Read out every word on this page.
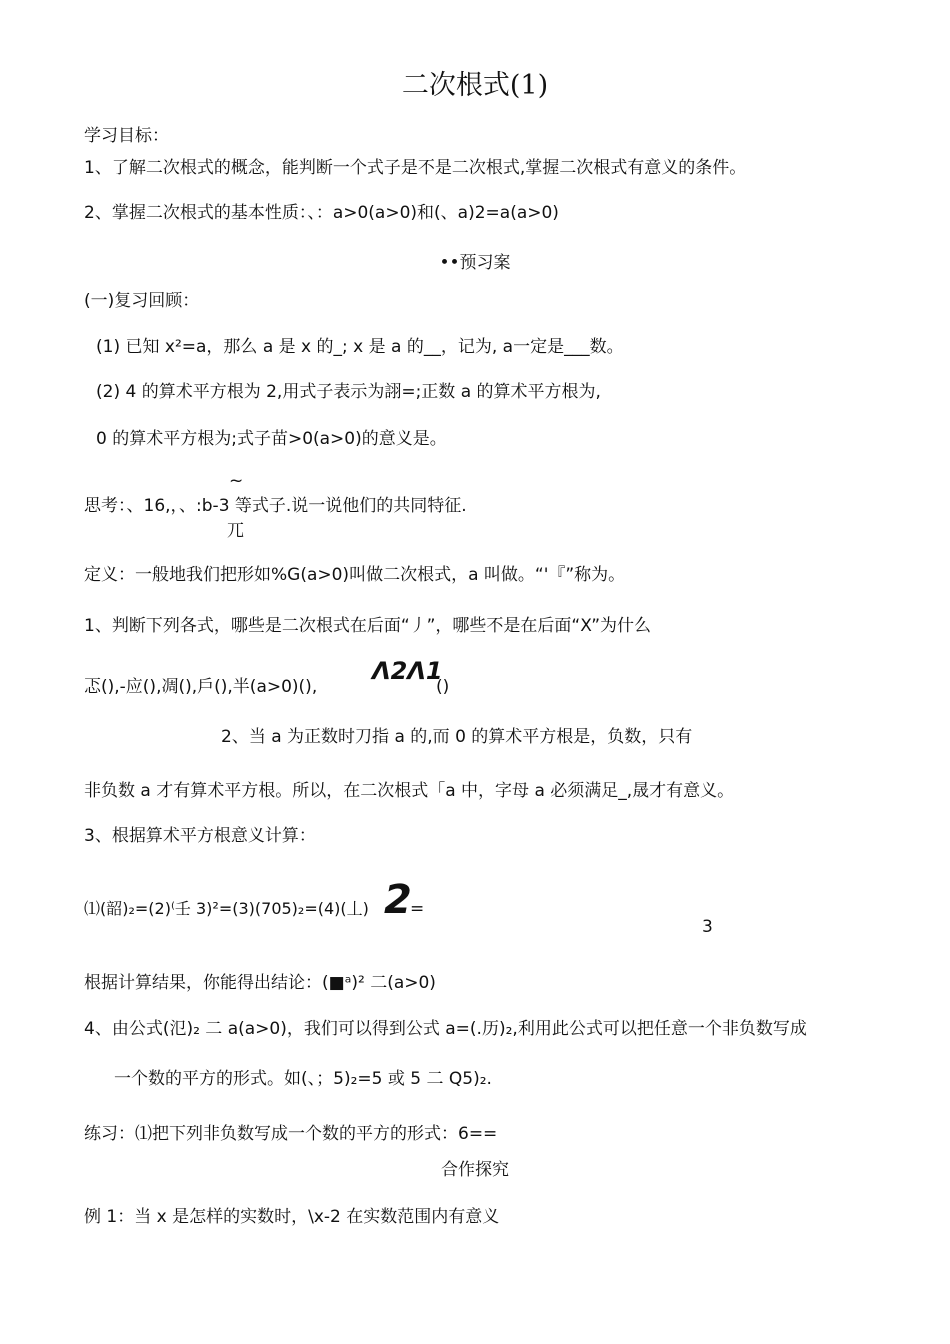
二次根式(1)
学习目标：
1、了解二次根式的概念，能判断一个式子是不是二次根式,掌握二次根式有意义的条件。
2、掌握二次根式的基本性质：、：a>0(a>0)和(、a)2=a(a>0)
••预习案
(一)复习回顾：
(1) 已知 x²=a，那么 a 是 x 的_; x 是 a 的__，记为, a一定是___数。
(2) 4 的算术平方根为 2,用式子表示为詡=;正数 a 的算术平方根为,
0 的算术平方根为;式子苗>0(a>0)的意义是。
~
思考：、16,，、:b-3 等式子.说一说他们的共同特征.
兀
定义：一般地我们把形如%G(a>0)叫做二次根式，a 叫做。“'『”称为。
1、判断下列各式，哪些是二次根式在后面“丿”，哪些不是在后面“X”为什么
忑(),-应(),凋(),戶(),半(a>0)(),
Λ2Λ1
()
2、当 a 为正数时刀指 a 的,而 0 的算术平方根是，负数，只有
非负数 a 才有算术平方根。所以，在二次根式「a 中，字母 a 必须满足_,晟才有意义。
3、根据算术平方根意义计算：
⑴(韶)₂=(2)⁽壬 3)²=(3)(705)₂=(4)(丄) 2
=
3
根据计算结果，你能得出结论：(■ᵃ)² 二(a>0)
4、由公式(氾)₂ 二 a(a>0)，我们可以得到公式 a=(.历)₂,利用此公式可以把任意一个非负数写成
一个数的平方的形式。如(、；5)₂=5 或 5 二 Q5)₂.
练习：⑴把下列非负数写成一个数的平方的形式：6==
合作探究
例 1：当 x 是怎样的实数时，\x-2 在实数范围内有意义
